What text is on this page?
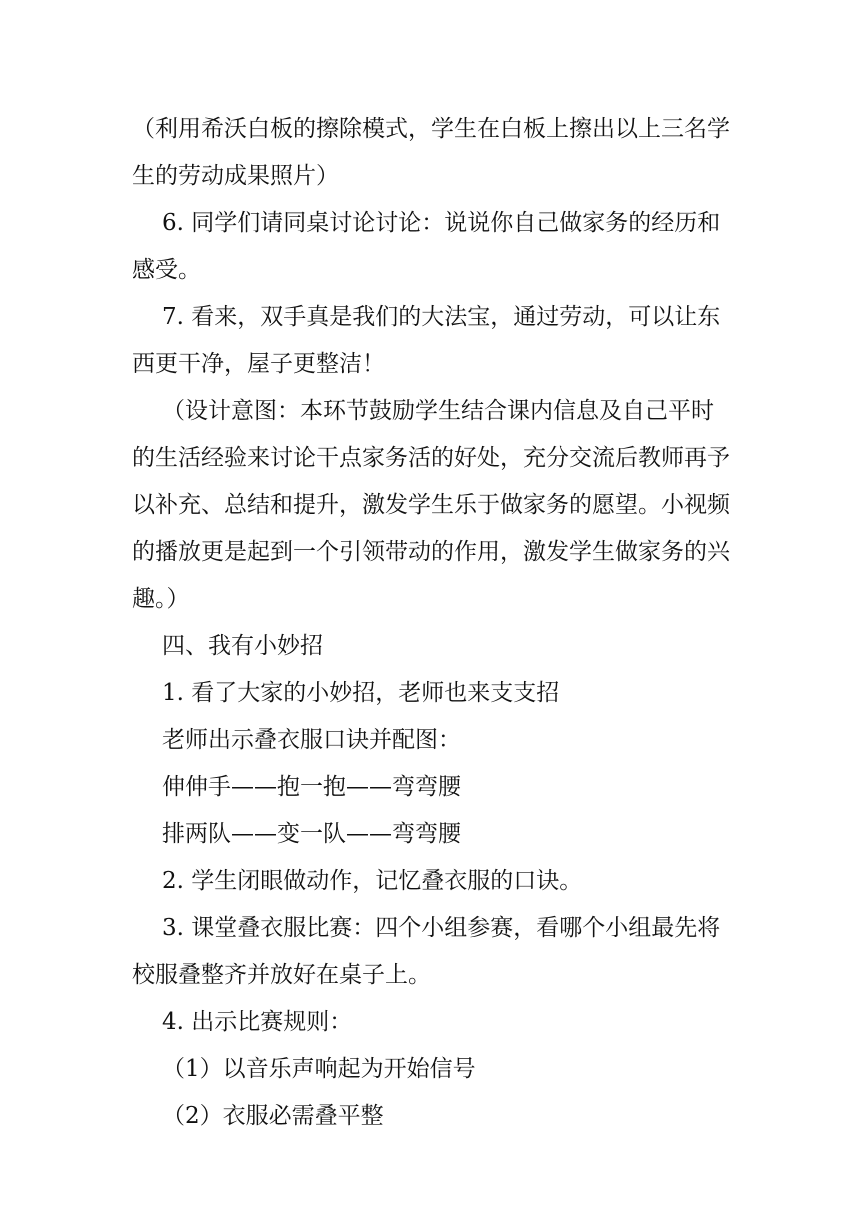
（利用希沃白板的擦除模式，学生在白板上擦出以上三名学生的劳动成果照片）

6. 同学们请同桌讨论讨论：说说你自己做家务的经历和感受。

7. 看来，双手真是我们的大法宝，通过劳动，可以让东西更干净，屋子更整洁！

（设计意图：本环节鼓励学生结合课内信息及自己平时的生活经验来讨论干点家务活的好处，充分交流后教师再予以补充、总结和提升，激发学生乐于做家务的愿望。小视频的播放更是起到一个引领带动的作用，激发学生做家务的兴趣。）

四、我有小妙招

1. 看了大家的小妙招，老师也来支支招

老师出示叠衣服口诀并配图：

伸伸手——抱一抱——弯弯腰

排两队——变一队——弯弯腰

2. 学生闭眼做动作，记忆叠衣服的口诀。

3. 课堂叠衣服比赛：四个小组参赛，看哪个小组最先将校服叠整齐并放好在桌子上。

4. 出示比赛规则：

（1）以音乐声响起为开始信号

（2）衣服必需叠平整
